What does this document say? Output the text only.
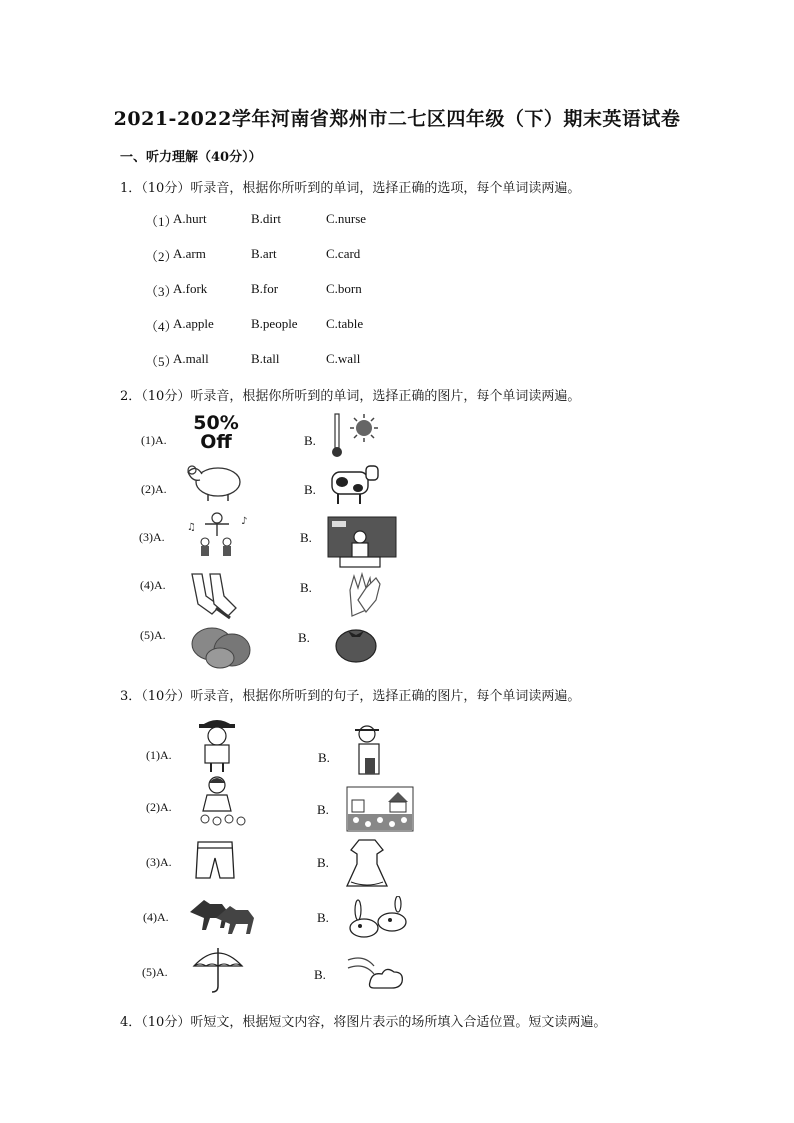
2021-2022学年河南省郑州市二七区四年级（下）期末英语试卷
一、听力理解（40分））
1．（10分）听录音，根据你所听到的单词，选择正确的选项，每个单词读两遍。
（1）
A.hurt	B.dirt	C.nurse
（2）
A.arm	B.art	C.card
（3）
A.fork	B.for	C.born
（4）
A.apple	B.people C.table
（5）
A.mall	B.tall	C.wall
2．（10分）听录音，根据你所听到的单词，选择正确的图片，每个单词读两遍。
(1)A.
50%
Off	B.
(2)A.	B.
(3)A.
♪
♫
B.
(4)A.	B.
(5)A.	B.
3．（10分）听录音，根据你所听到的句子，选择正确的图片，每个单词读两遍。
(1)A.	B.
(2)A.	B.
(3)A.	B.
(4)A.	B.
(5)A.	B.
4．（10分）听短文，根据短文内容，将图片表示的场所填入合适位置。短文读两遍。
